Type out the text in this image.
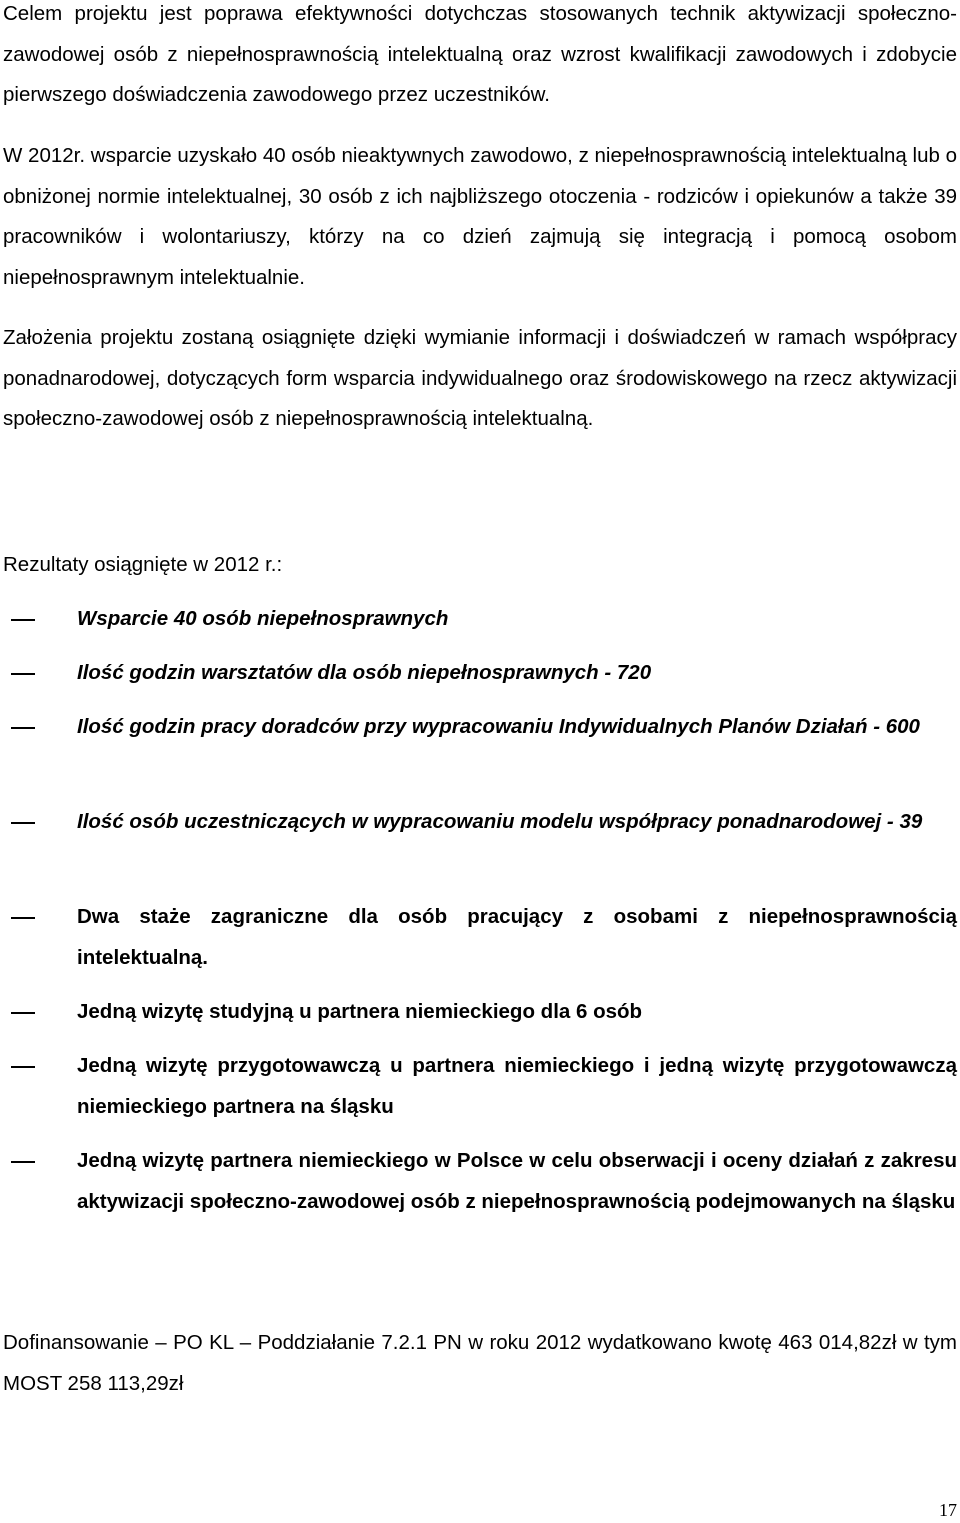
Celem projektu jest poprawa efektywności dotychczas stosowanych technik aktywizacji społeczno-zawodowej osób z niepełnosprawnością intelektualną oraz wzrost kwalifikacji zawodowych i zdobycie pierwszego doświadczenia zawodowego przez uczestników.

W 2012r. wsparcie uzyskało 40 osób nieaktywnych zawodowo, z niepełnosprawnością intelektualną lub o obniżonej normie intelektualnej, 30 osób z ich najbliższego otoczenia - rodziców i opiekunów a także 39 pracowników i wolontariuszy, którzy na co dzień zajmują się integracją i pomocą osobom niepełnosprawnym intelektualnie.

Założenia projektu zostaną osiągnięte dzięki wymianie informacji i doświadczeń w ramach współpracy ponadnarodowej, dotyczących form wsparcia indywidualnego oraz środowiskowego na rzecz aktywizacji społeczno-zawodowej osób z niepełnosprawnością intelektualną.

Rezultaty osiągnięte w 2012 r.:

Wsparcie 40 osób niepełnosprawnych
Ilość godzin warsztatów dla osób niepełnosprawnych - 720
Ilość godzin pracy doradców przy wypracowaniu Indywidualnych Planów Działań - 600
Ilość osób uczestniczących w wypracowaniu modelu współpracy ponadnarodowej - 39
Dwa staże zagraniczne dla osób pracujący z osobami z niepełnosprawnością intelektualną.
Jedną wizytę studyjną u partnera niemieckiego dla 6 osób
Jedną wizytę przygotowawczą u partnera niemieckiego i jedną wizytę przygotowawczą niemieckiego partnera na śląsku
Jedną wizytę partnera niemieckiego w Polsce w celu obserwacji i oceny działań z zakresu aktywizacji społeczno-zawodowej osób z niepełnosprawnością podejmowanych na śląsku

Dofinansowanie – PO KL – Poddziałanie 7.2.1 PN w roku 2012 wydatkowano kwotę 463 014,82zł w tym MOST 258 113,29zł

17
